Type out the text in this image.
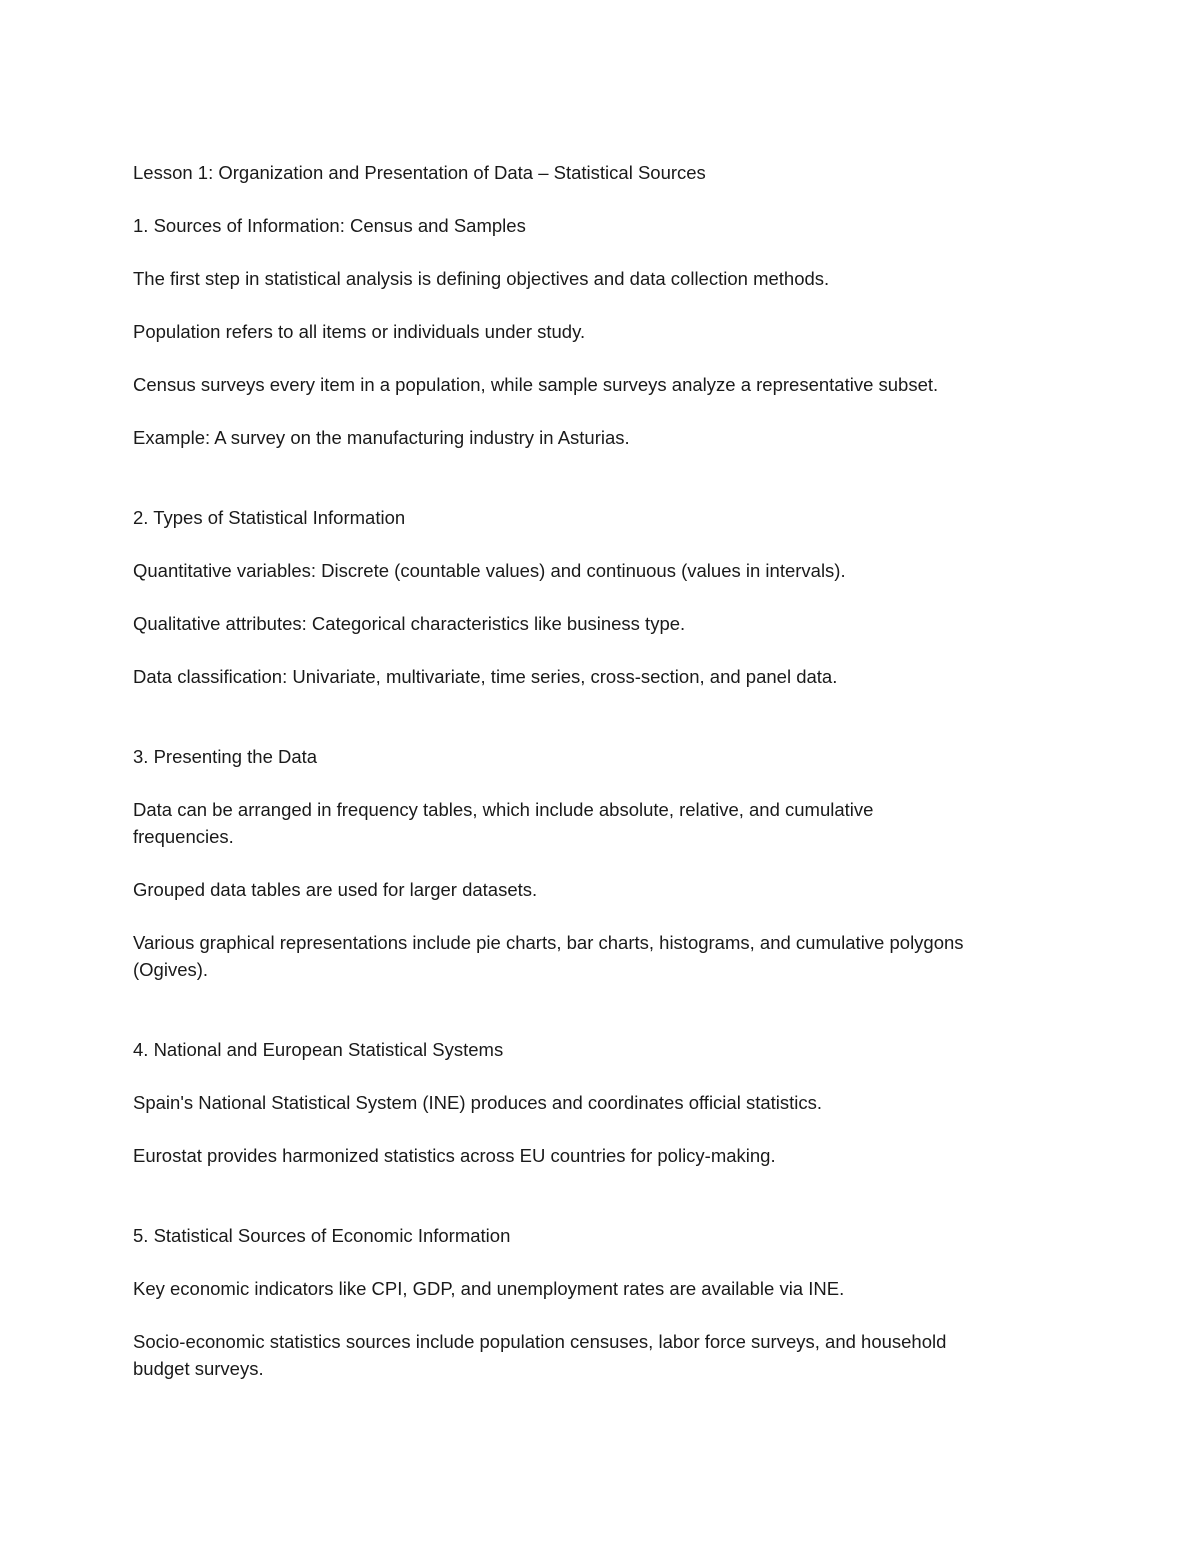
Lesson 1: Organization and Presentation of Data – Statistical Sources

1. Sources of Information: Census and Samples

The first step in statistical analysis is defining objectives and data collection methods.

Population refers to all items or individuals under study.

Census surveys every item in a population, while sample surveys analyze a representative subset.

Example: A survey on the manufacturing industry in Asturias.

2. Types of Statistical Information

Quantitative variables: Discrete (countable values) and continuous (values in intervals).

Qualitative attributes: Categorical characteristics like business type.

Data classification: Univariate, multivariate, time series, cross-section, and panel data.

3. Presenting the Data

Data can be arranged in frequency tables, which include absolute, relative, and cumulative frequencies.

Grouped data tables are used for larger datasets.

Various graphical representations include pie charts, bar charts, histograms, and cumulative polygons (Ogives).

4. National and European Statistical Systems

Spain's National Statistical System (INE) produces and coordinates official statistics.

Eurostat provides harmonized statistics across EU countries for policy-making.

5. Statistical Sources of Economic Information

Key economic indicators like CPI, GDP, and unemployment rates are available via INE.

Socio-economic statistics sources include population censuses, labor force surveys, and household budget surveys.
